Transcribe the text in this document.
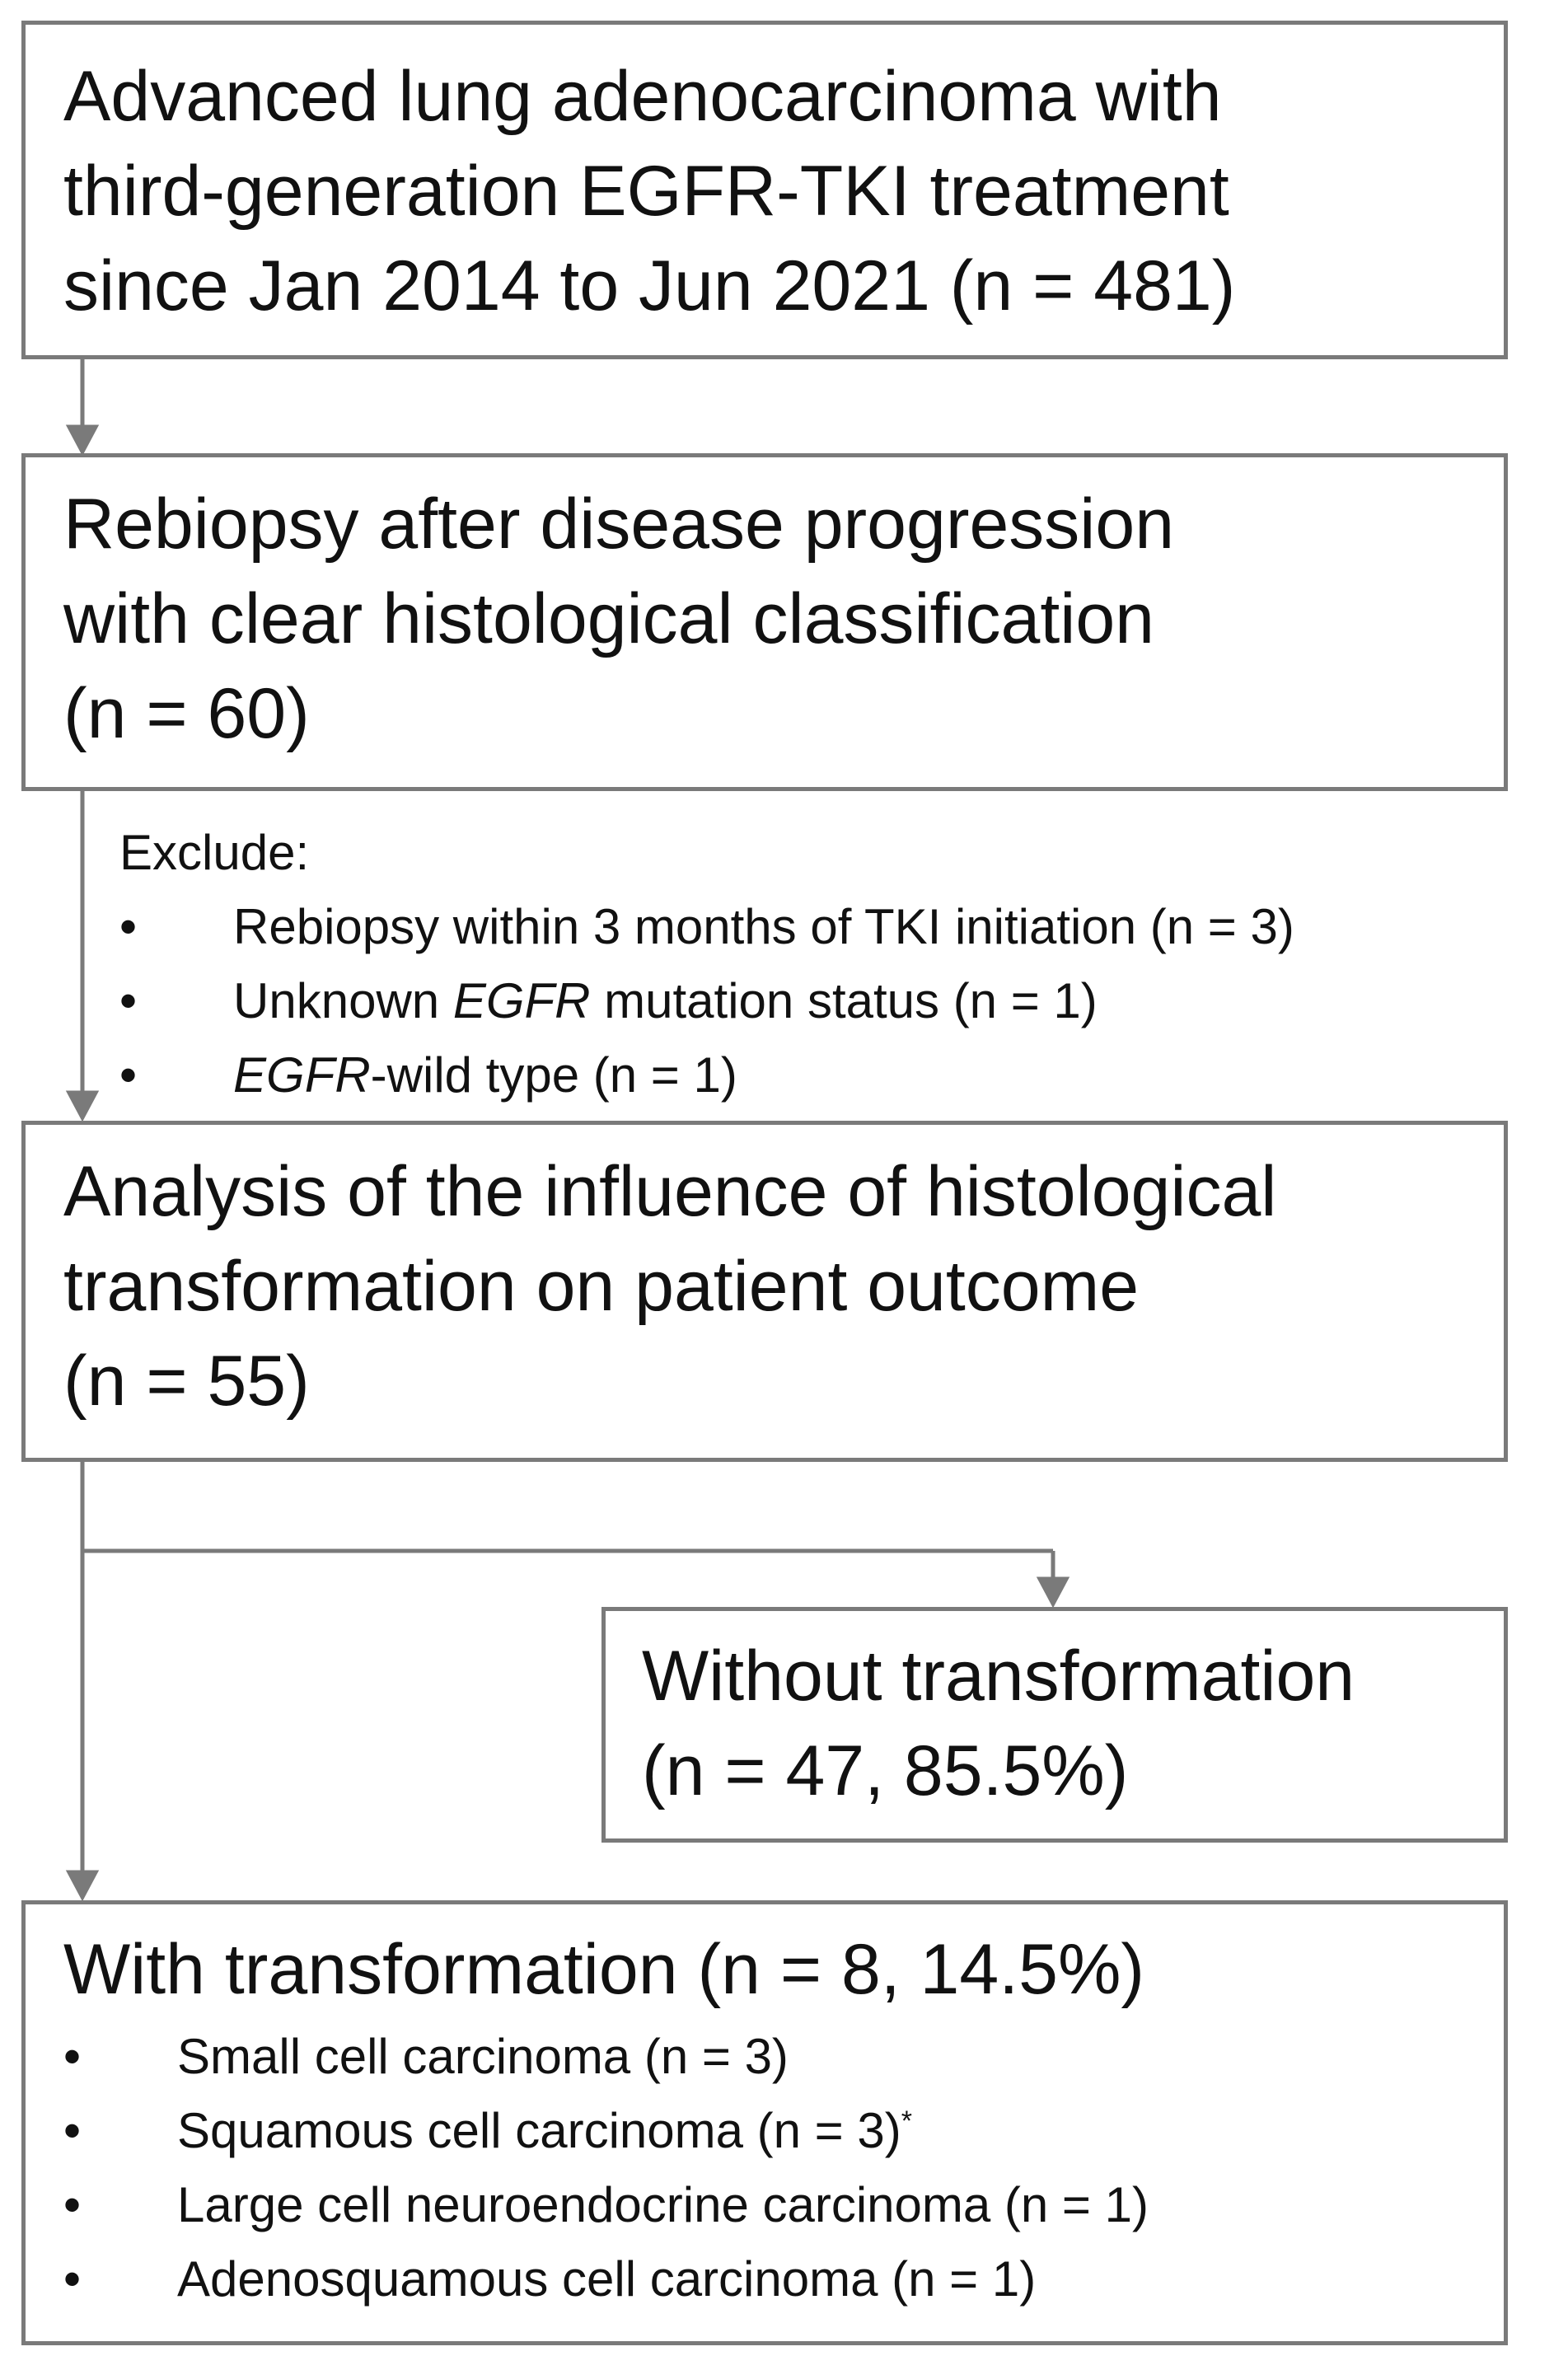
Advanced lung adenocarcinoma with

third-generation EGFR-TKI treatment

since Jan 2014 to Jun 2021 (n = 481)

Rebiopsy after disease progression

with clear histological classification

(n = 60)

Exclude:
• Rebiopsy within 3 months of TKI initiation (n = 3)
• Unknown EGFR mutation status (n = 1)
• EGFR-wild type (n = 1)

Analysis of the influence of histological

transformation on patient outcome

(n = 55)

Without transformation

(n = 47, 85.5%)

With transformation (n = 8, 14.5%)

• Small cell carcinoma (n = 3)
• Squamous cell carcinoma (n = 3)*
• Large cell neuroendocrine carcinoma (n = 1)
• Adenosquamous cell carcinoma (n = 1)
